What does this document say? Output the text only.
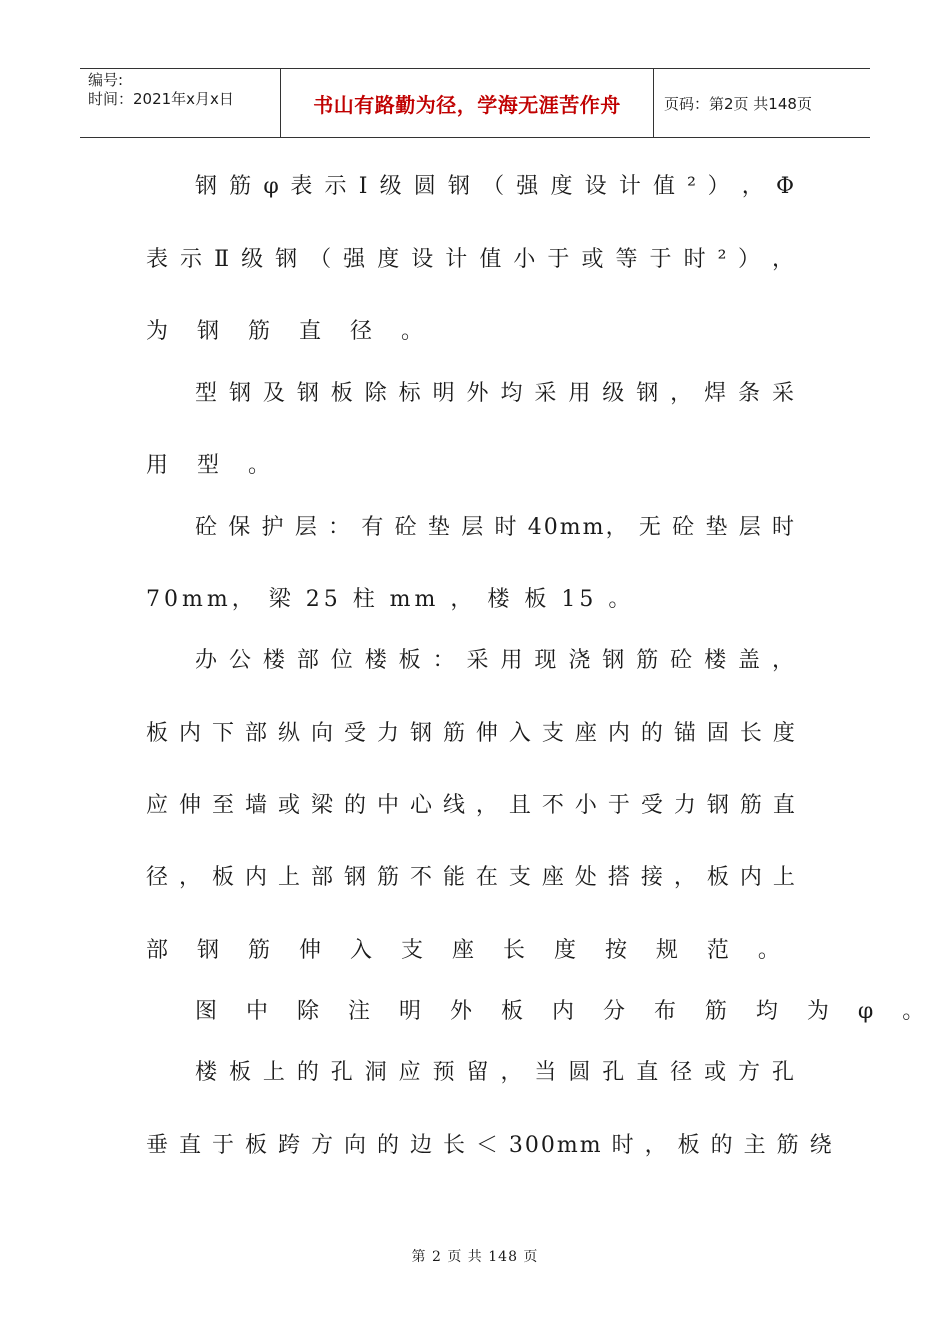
编号:
时间：2021年x月x日	书山有路勤为径，学海无涯苦作舟	页码：第2页 共148页
钢 筋 φ 表 示 Ⅰ 级 圆 钢 （ 强 度 设 计 值 ² ） ， Φ
表 示 Ⅱ 级 钢 （ 强 度 设 计 值 小 于 或 等 于 时 ² ） ，
为 钢 筋 直 径 。
型 钢 及 钢 板 除 标 明 外 均 采 用 级 钢 ， 焊 条 采
用 型 。
砼 保 护 层 ： 有 砼 垫 层 时 40mm， 无 砼 垫 层 时
70mm， 梁 25 柱 mm ， 楼 板 15 。
办 公 楼 部 位 楼 板 ： 采 用 现 浇 钢 筋 砼 楼 盖 ，
板 内 下 部 纵 向 受 力 钢 筋 伸 入 支 座 内 的 锚 固 长 度
应 伸 至 墙 或 梁 的 中 心 线 ， 且 不 小 于 受 力 钢 筋 直
径 ， 板 内 上 部 钢 筋 不 能 在 支 座 处 搭 接 ， 板 内 上
部 钢 筋 伸 入 支 座 长 度 按 规 范 。
图 中 除 注 明 外 板 内 分 布 筋 均 为 φ 。
楼 板 上 的 孔 洞 应 预 留 ， 当 圆 孔 直 径 或 方 孔
垂 直 于 板 跨 方 向 的 边 长 ＜ 300mm 时 ， 板 的 主 筋 绕
第 2 页 共 148 页
